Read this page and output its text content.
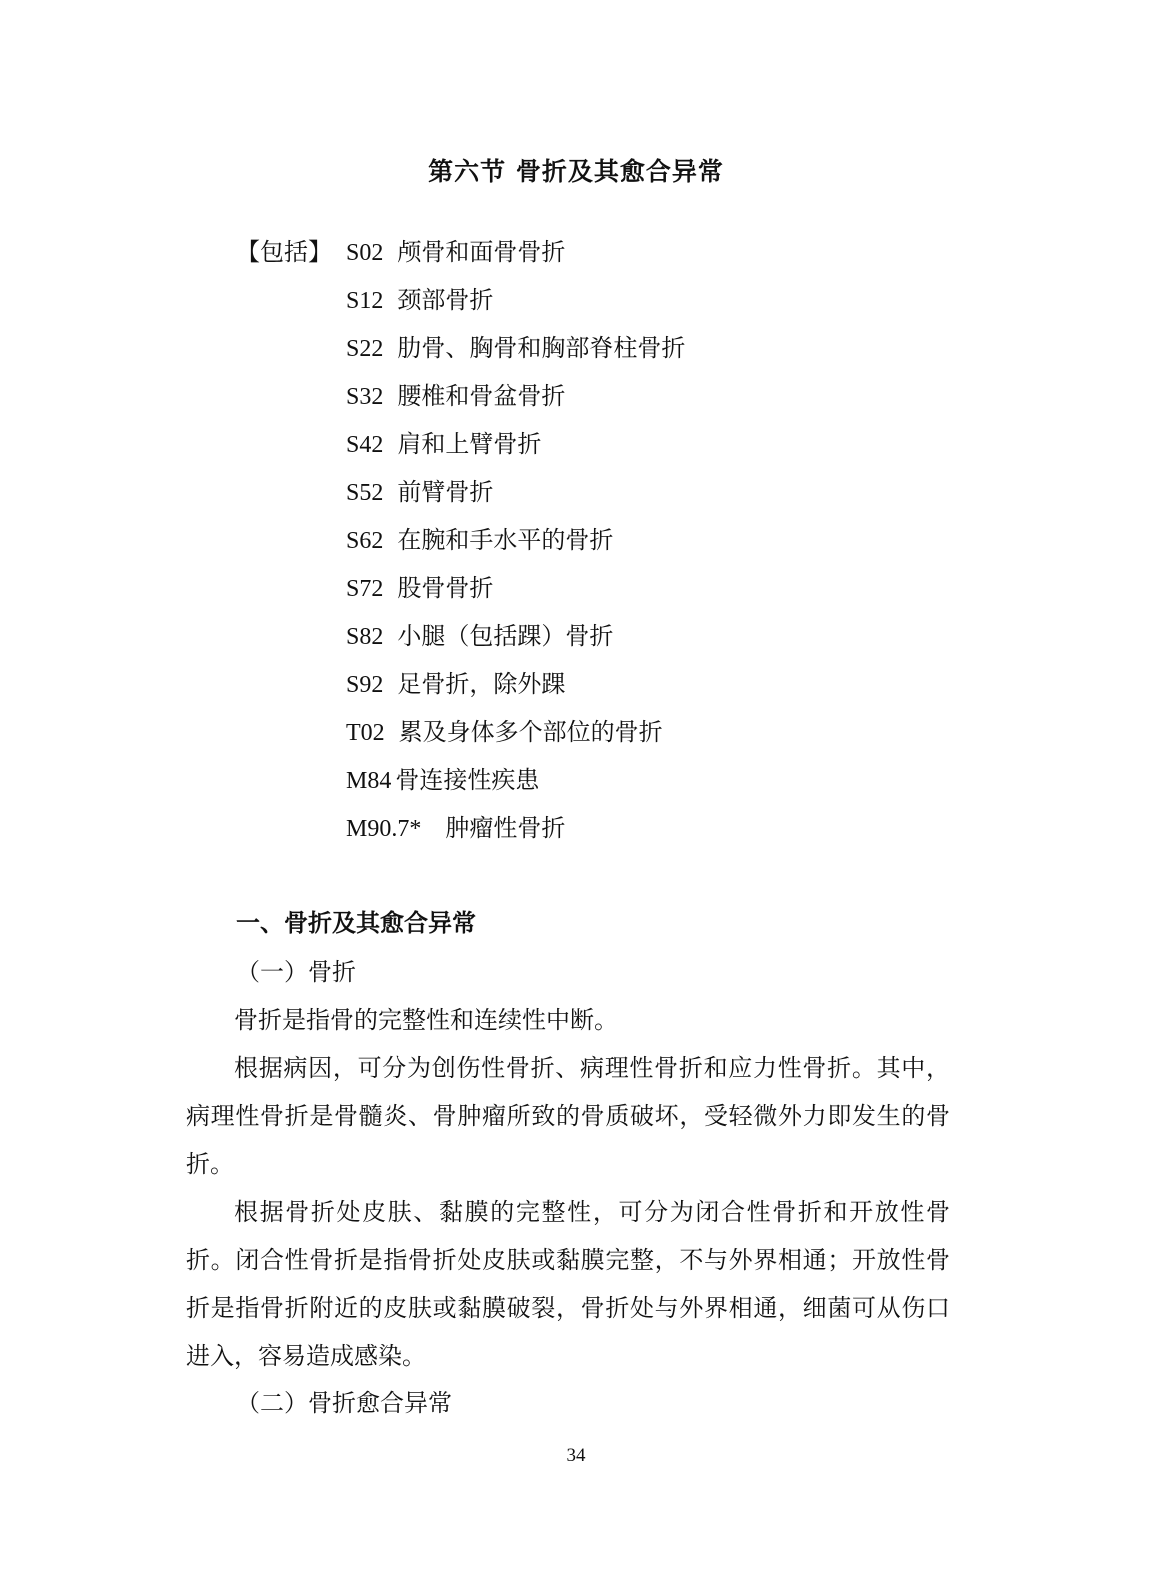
第六节 骨折及其愈合异常
【包括】 S02 颅骨和面骨骨折
S12 颈部骨折
S22 肋骨、胸骨和胸部脊柱骨折
S32 腰椎和骨盆骨折
S42 肩和上臂骨折
S52 前臂骨折
S62 在腕和手水平的骨折
S72 股骨骨折
S82 小腿（包括踝）骨折
S92 足骨折，除外踝
T02 累及身体多个部位的骨折
M84 骨连接性疾患
M90.7* 肿瘤性骨折
一、骨折及其愈合异常
（一）骨折

骨折是指骨的完整性和连续性中断。

根据病因，可分为创伤性骨折、病理性骨折和应力性骨折。其中，病理性骨折是骨髓炎、骨肿瘤所致的骨质破坏，受轻微外力即发生的骨折。

根据骨折处皮肤、黏膜的完整性，可分为闭合性骨折和开放性骨折。闭合性骨折是指骨折处皮肤或黏膜完整，不与外界相通；开放性骨折是指骨折附近的皮肤或黏膜破裂，骨折处与外界相通，细菌可从伤口进入，容易造成感染。

（二）骨折愈合异常
34
